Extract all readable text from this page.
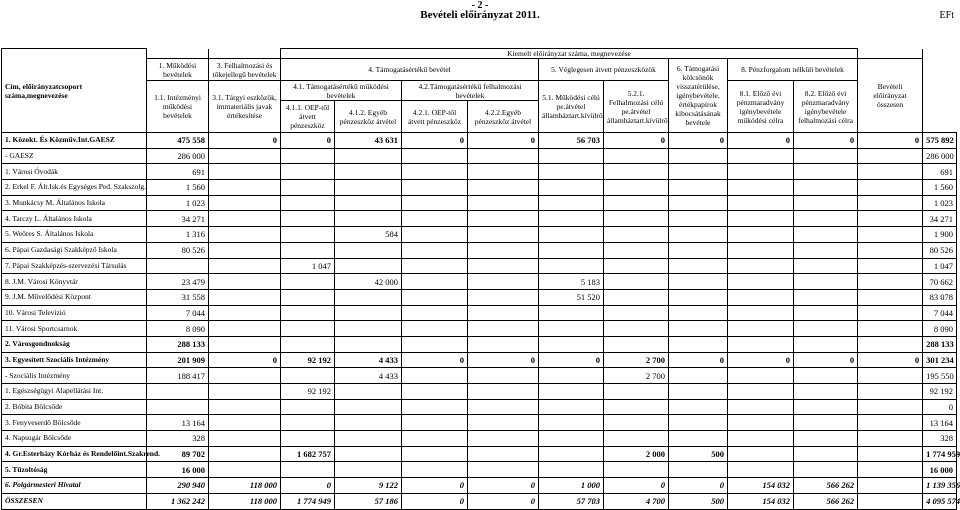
- 2 -
Bevételi előirányzat 2011.	EFt
Cím, előirányzatcsoport száma,megnevezése			Kiemelt előirányzat száma, megnevezése										
	1. Működési bevételek	3. Felhalmozási és tőkejellegű bevételek	4. Támogatásértékű bevétel				5. Véglegesen átvett pénzeszközök		6. Támogatási kölcsönök visszatérülése, igénybevétele, értékpapírok kibocsátásának bevétele	8. Pénzforgalom nélküli bevételek		Bevételi előirányzat összesen	
	1.1. Intézményi működési bevételek	3.1. Tárgyi eszközök, immateriális javak értékesítése	4.1. Támogatásértékű működési bevételek		4.2.Támogatásértékű felhalmozási bevételek		5.1. Működési célú pe.átvétel államháztart.kívülről	5.2.1. Felhalmozási célú pe.átvétel államháztart.kívülről		8.1. Előző évi pénzmaradvány igénybevétele működési célra	8.2. Előző évi pénzmaradvány igénybevétele felhalmozási célra		
			4.1.1. OEP-től átvett pénzeszköz	4.1.2. Egyéb pénzeszköz átvétel	4.2.1. OEP-től átvett pénzeszköz	4.2.2.Egyéb pénzeszköz átvétel							
1. Közokt. És Közműv.Int.GAESZ	475 558	0	0	43 631	0	0	56 703	0	0	0	0	0	575 892
- GAESZ	286 000												286 000
1. Városi Óvodák	691												691
2. Erkel F. Ált.Isk.és Egységes Ped. Szakszolg.	1 560												1 560
3. Munkácsy M. Általános Iskola	1 023												1 023
4. Tarczy L. Általános Iskola	34 271												34 271
5. Weöres S. Általános Iskola	1 316			584									1 900
6. Pápai Gazdasági Szakképző Iskola	80 526												80 526
7. Pápai Szakképzés-szervezési Társulás			1 047										1 047
8. J.M. Városi Könyvtár	23 479			42 000			5 183						70 662
9. J.M. Művelődési Központ	31 558						51 520						83 078
10. Városi Televízió	7 044												7 044
11. Városi Sportcsarnok	8 090												8 090
2. Városgondnokság	288 133												288 133
3. Egyesített Szociális Intézmény	201 909	0	92 192	4 433	0	0	0	2 700	0	0	0	0	301 234
- Szociális Intézmény	188 417			4 433				2 700					195 550
1. Egészségügyi Alapellátási Int.			92 192										92 192
2. Bóbita Bölcsőde													0
3. Fenyveserdő Bölcsőde	13 164												13 164
4. Napsugár Bölcsőde	328												328
4. Gr.Esterházy Kórház és Rendelőint.Szakrend.	89 702		1 682 757					2 000	500				1 774 959
5. Tűzoltóság	16 000												16 000
6. Polgármesteri Hivatal	290 940	118 000	0	9 122	0	0	1 000	0	0	154 032	566 262		1 139 356
ÖSSZESEN	1 362 242	118 000	1 774 949	57 186	0	0	57 703	4 700	500	154 032	566 262		4 095 574
